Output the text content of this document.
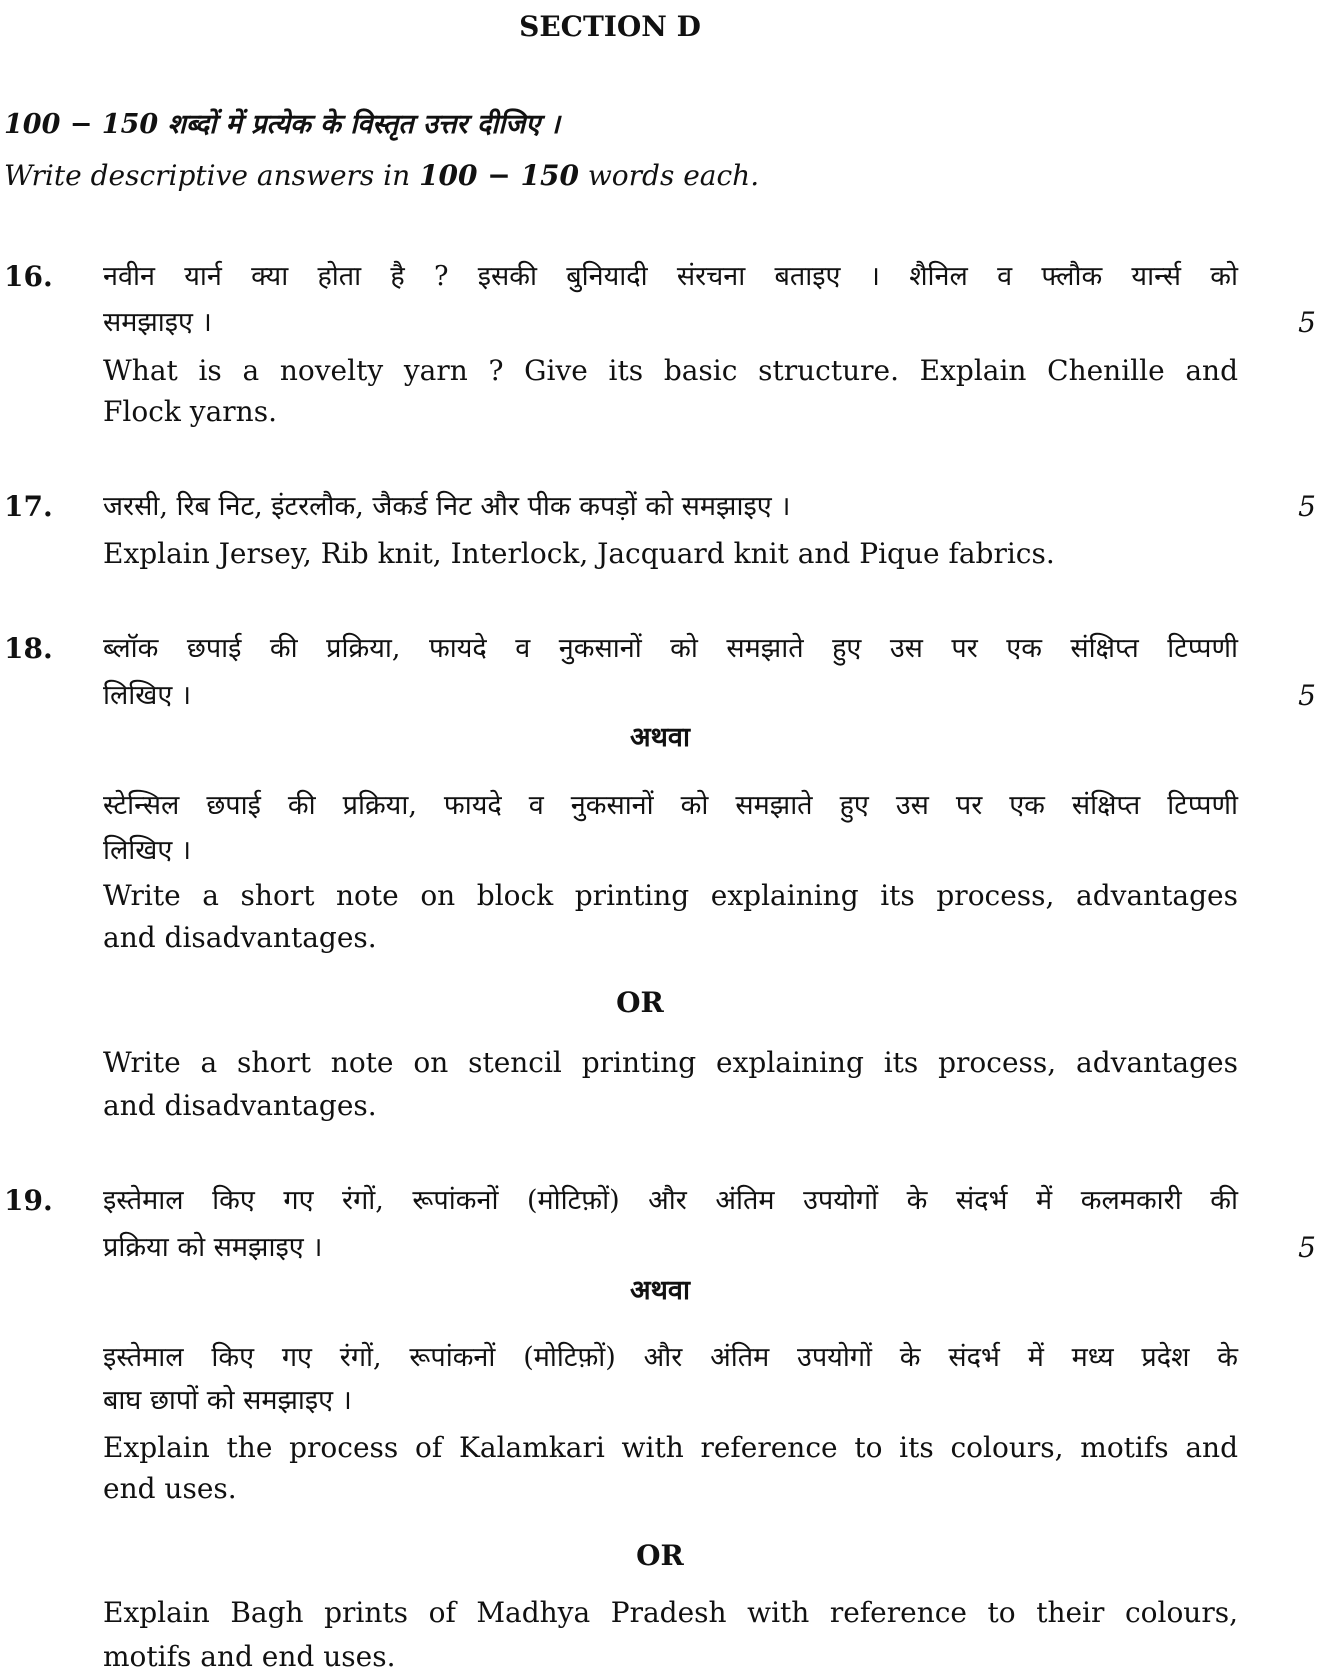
SECTION D
100 − 150 शब्दों में प्रत्येक के विस्तृत उत्तर दीजिए ।
Write descriptive answers in 100 − 150 words each.
16. नवीन यार्न क्या होता है ? इसकी बुनियादी संरचना बताइए । शैनिल व फ्लौक यार्न्स को
समझाइए ।	5
What is a novelty yarn ? Give its basic structure. Explain Chenille and
Flock yarns.
17. जरसी, रिब निट, इंटरलौक, जैकर्ड निट और पीक कपड़ों को समझाइए ।	5
Explain Jersey, Rib knit, Interlock, Jacquard knit and Pique fabrics.
18. ब्लॉक छपाई की प्रक्रिया, फायदे व नुकसानों को समझाते हुए उस पर एक संक्षिप्त टिप्पणी
लिखिए ।	5
अथवा
स्टेन्सिल छपाई की प्रक्रिया, फायदे व नुकसानों को समझाते हुए उस पर एक संक्षिप्त टिप्पणी
लिखिए ।
Write a short note on block printing explaining its process, advantages
and disadvantages.
OR
Write a short note on stencil printing explaining its process, advantages
and disadvantages.
19. इस्तेमाल किए गए रंगों, रूपांकनों (मोटिफ़ों) और अंतिम उपयोगों के संदर्भ में कलमकारी की
प्रक्रिया को समझाइए ।	5
अथवा
इस्तेमाल किए गए रंगों, रूपांकनों (मोटिफ़ों) और अंतिम उपयोगों के संदर्भ में मध्य प्रदेश के
बाघ छापों को समझाइए ।
Explain the process of Kalamkari with reference to its colours, motifs and
end uses.
OR
Explain Bagh prints of Madhya Pradesh with reference to their colours,
motifs and end uses.
